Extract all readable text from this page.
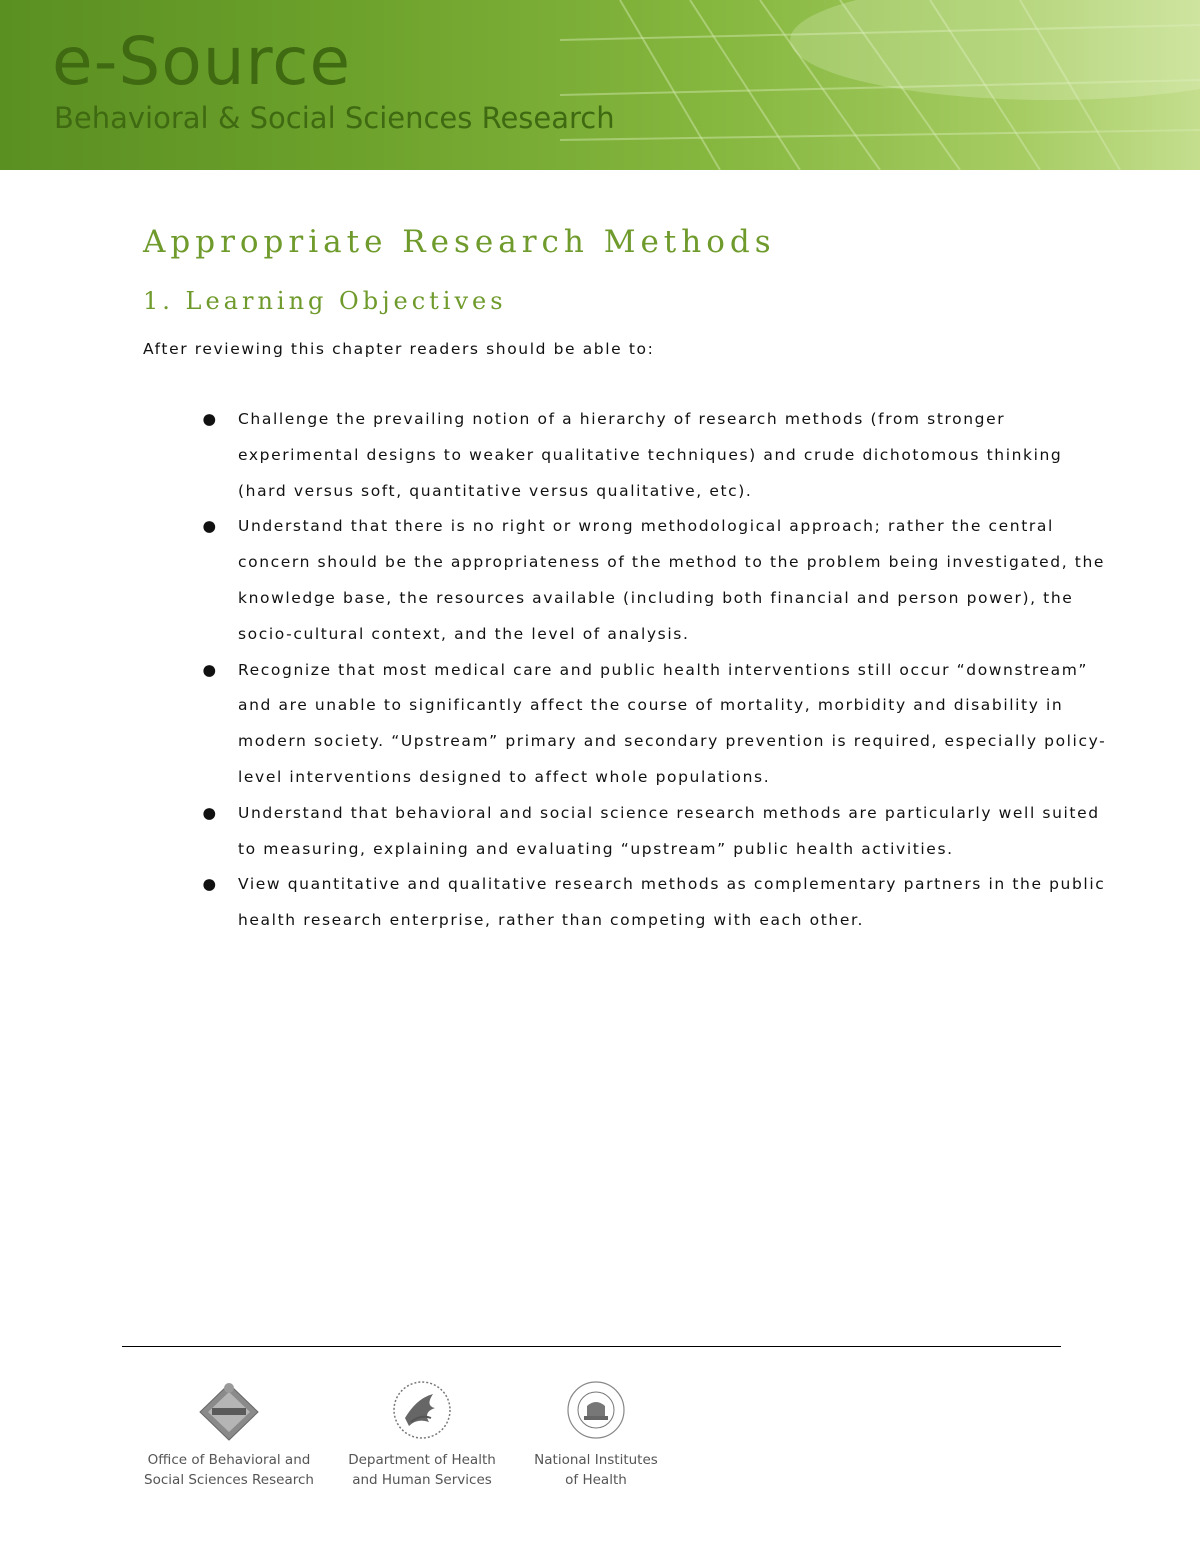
e-Source
Behavioral & Social Sciences Research
Appropriate Research Methods
1. Learning Objectives

After reviewing this chapter readers should be able to:

● Challenge the prevailing notion of a hierarchy of research methods (from stronger experimental designs to weaker qualitative techniques) and crude dichotomous thinking (hard versus soft, quantitative versus qualitative, etc).
● Understand that there is no right or wrong methodological approach; rather the central concern should be the appropriateness of the method to the problem being investigated, the knowledge base, the resources available (including both financial and person power), the socio-cultural context, and the level of analysis.
● Recognize that most medical care and public health interventions still occur “downstream” and are unable to significantly affect the course of mortality, morbidity and disability in modern society. “Upstream” primary and secondary prevention is required, especially policy-level interventions designed to affect whole populations.
● Understand that behavioral and social science research methods are particularly well suited to measuring, explaining and evaluating “upstream” public health activities.
● View quantitative and qualitative research methods as complementary partners in the public health research enterprise, rather than competing with each other.
Office of Behavioral and
Social Sciences Research
Department of Health
and Human Services
National Institutes
of Health
